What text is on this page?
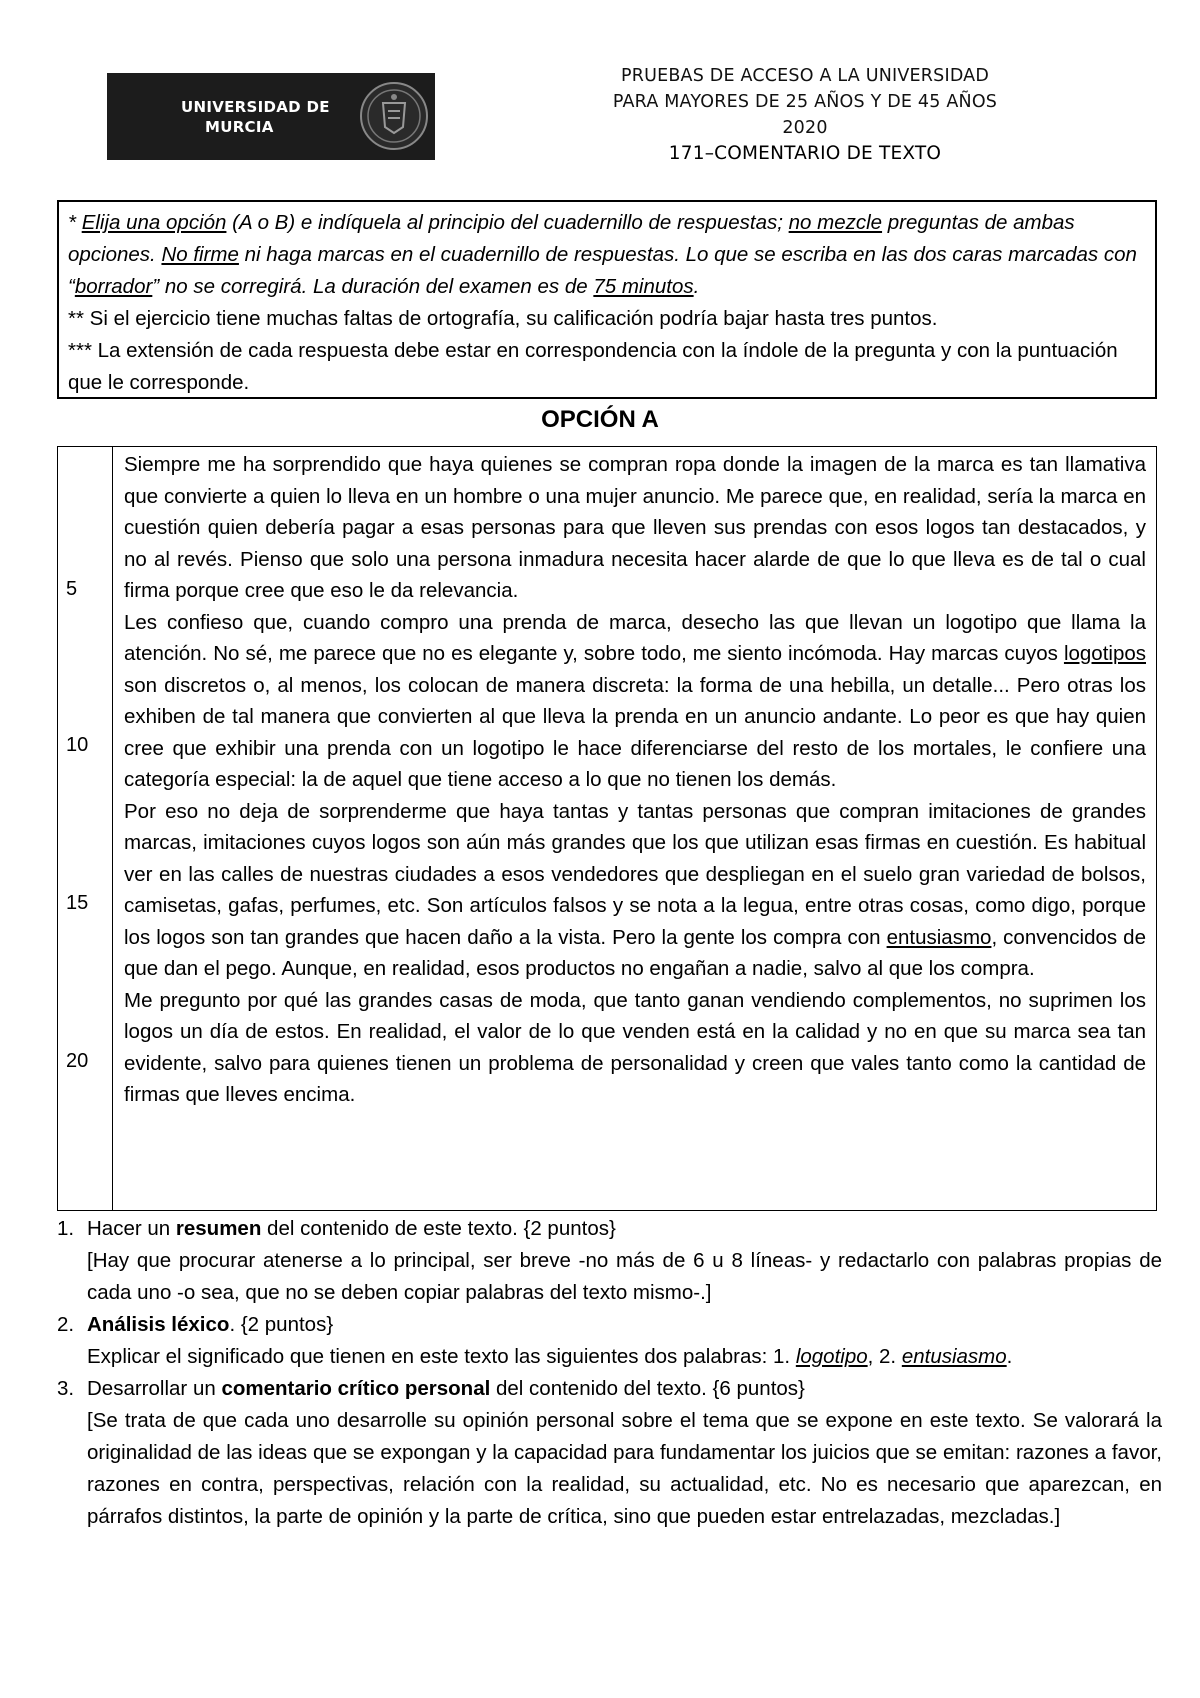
UNIVERSIDAD DE
MURCIA
PRUEBAS DE ACCESO A LA UNIVERSIDAD
PARA MAYORES DE 25 AÑOS Y DE 45 AÑOS
2020
171–COMENTARIO DE TEXTO

* Elija una opción (A o B) e indíquela al principio del cuadernillo de respuestas; no mezcle preguntas de ambas opciones. No firme ni haga marcas en el cuadernillo de respuestas. Lo que se escriba en las dos caras marcadas con “borrador” no se corregirá. La duración del examen es de 75 minutos.

** Si el ejercicio tiene muchas faltas de ortografía, su calificación podría bajar hasta tres puntos.

*** La extensión de cada respuesta debe estar en correspondencia con la índole de la pregunta y con la puntuación que le corresponde.

OPCIÓN A
5
10
15
20

Siempre me ha sorprendido que haya quienes se compran ropa donde la imagen de la marca es tan llamativa que convierte a quien lo lleva en un hombre o una mujer anuncio. Me parece que, en realidad, sería la marca en cuestión quien debería pagar a esas personas para que lleven sus prendas con esos logos tan destacados, y no al revés. Pienso que solo una persona inmadura necesita hacer alarde de que lo que lleva es de tal o cual firma porque cree que eso le da relevancia.

Les confieso que, cuando compro una prenda de marca, desecho las que llevan un logotipo que llama la atención. No sé, me parece que no es elegante y, sobre todo, me siento incómoda. Hay marcas cuyos logotipos son discretos o, al menos, los colocan de manera discreta: la forma de una hebilla, un detalle... Pero otras los exhiben de tal manera que convierten al que lleva la prenda en un anuncio andante. Lo peor es que hay quien cree que exhibir una prenda con un logotipo le hace diferenciarse del resto de los mortales, le confiere una categoría especial: la de aquel que tiene acceso a lo que no tienen los demás.

Por eso no deja de sorprenderme que haya tantas y tantas personas que compran imitaciones de grandes marcas, imitaciones cuyos logos son aún más grandes que los que utilizan esas firmas en cuestión. Es habitual ver en las calles de nuestras ciudades a esos vendedores que despliegan en el suelo gran variedad de bolsos, camisetas, gafas, perfumes, etc. Son artículos falsos y se nota a la legua, entre otras cosas, como digo, porque los logos son tan grandes que hacen daño a la vista. Pero la gente los compra con entusiasmo, convencidos de que dan el pego. Aunque, en realidad, esos productos no engañan a nadie, salvo al que los compra.

Me pregunto por qué las grandes casas de moda, que tanto ganan vendiendo complementos, no suprimen los logos un día de estos. En realidad, el valor de lo que venden está en la calidad y no en que su marca sea tan evidente, salvo para quienes tienen un problema de personalidad y creen que vales tanto como la cantidad de firmas que lleves encima.

1. Hacer un resumen del contenido de este texto. {2 puntos}
[Hay que procurar atenerse a lo principal, ser breve -no más de 6 u 8 líneas- y redactarlo con palabras propias de cada uno -o sea, que no se deben copiar palabras del texto mismo-.]
2. Análisis léxico. {2 puntos}
Explicar el significado que tienen en este texto las siguientes dos palabras: 1. logotipo, 2. entusiasmo.
3. Desarrollar un comentario crítico personal del contenido del texto. {6 puntos}
[Se trata de que cada uno desarrolle su opinión personal sobre el tema que se expone en este texto. Se valorará la originalidad de las ideas que se expongan y la capacidad para fundamentar los juicios que se emitan: razones a favor, razones en contra, perspectivas, relación con la realidad, su actualidad, etc. No es necesario que aparezcan, en párrafos distintos, la parte de opinión y la parte de crítica, sino que pueden estar entrelazadas, mezcladas.]
